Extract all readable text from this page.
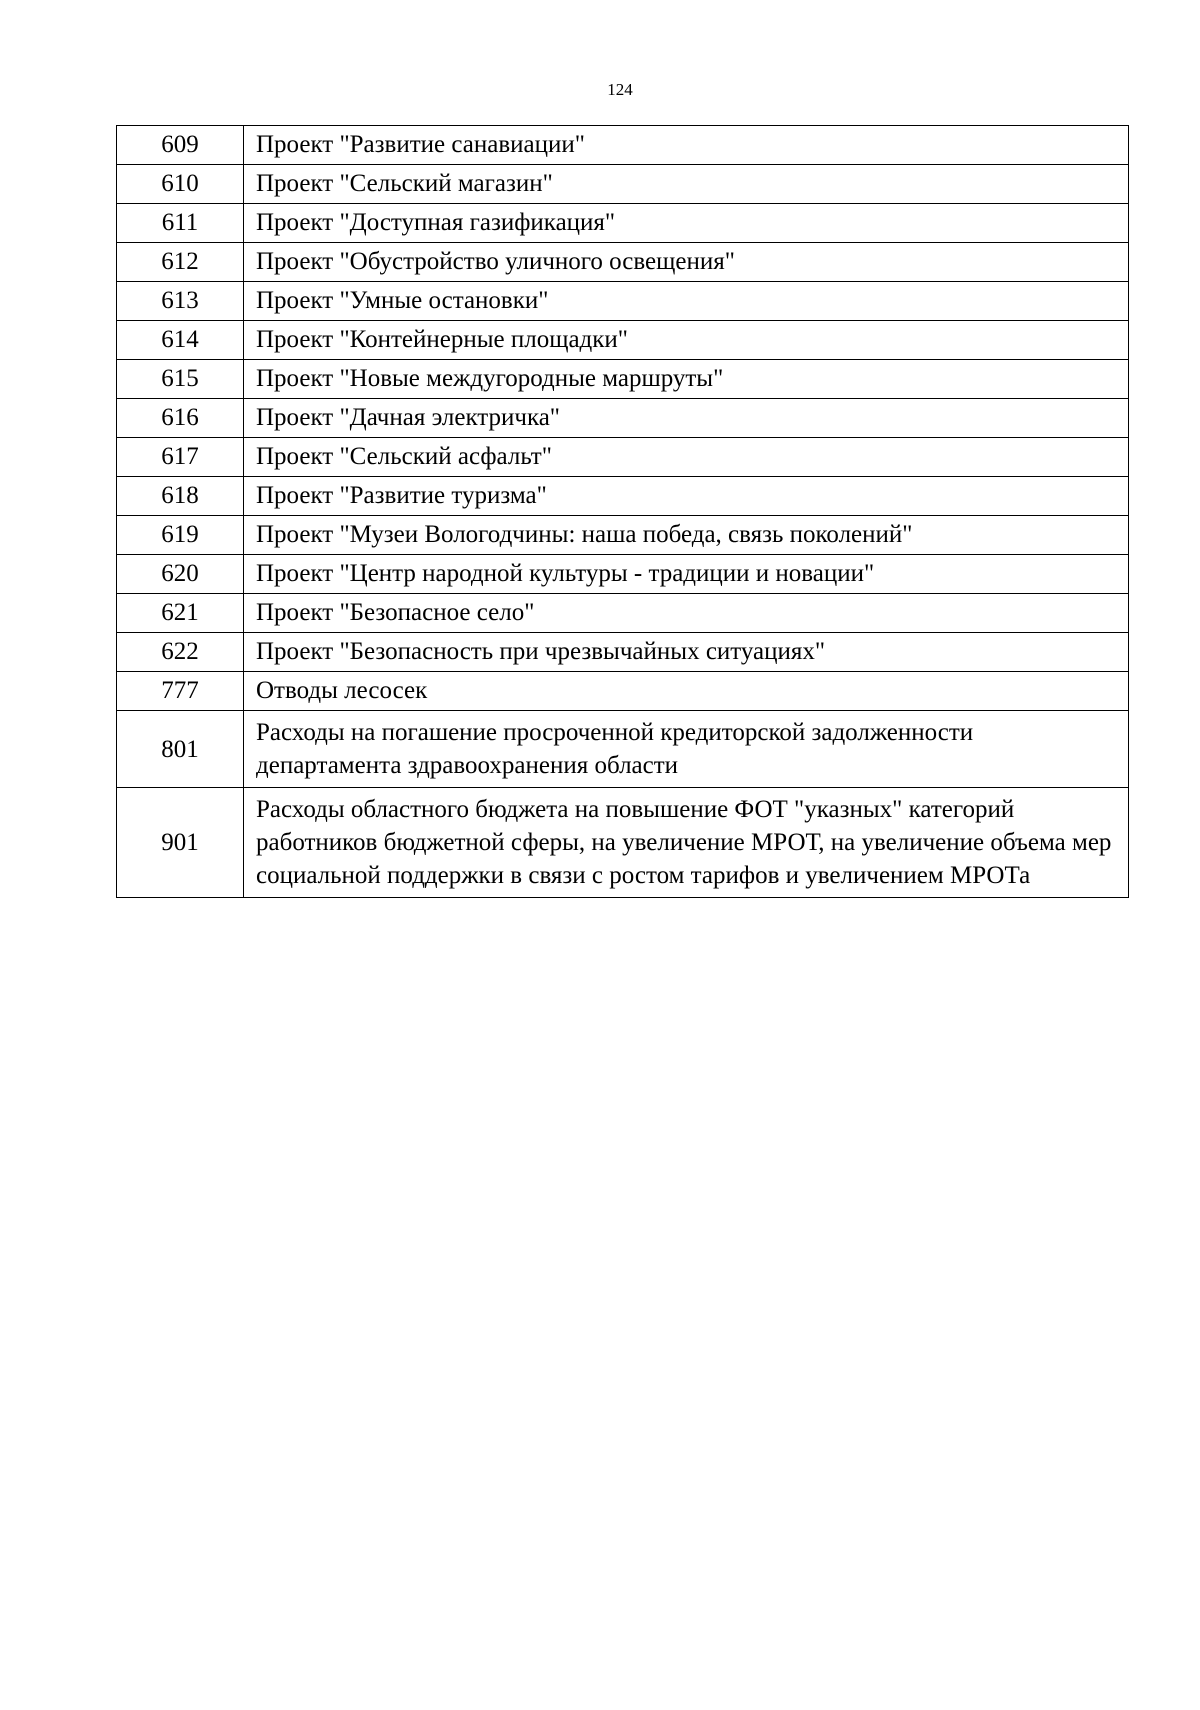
124
609	Проект "Развитие санавиации"
610	Проект "Сельский магазин"
611	Проект "Доступная газификация"
612	Проект "Обустройство уличного освещения"
613	Проект "Умные остановки"
614	Проект "Контейнерные площадки"
615	Проект "Новые междугородные маршруты"
616	Проект "Дачная электричка"
617	Проект "Сельский асфальт"
618	Проект "Развитие туризма"
619	Проект "Музеи Вологодчины: наша победа, связь поколений"
620	Проект "Центр народной культуры - традиции и новации"
621	Проект "Безопасное село"
622	Проект "Безопасность при чрезвычайных ситуациях"
777	Отводы лесосек
801	Расходы на погашение просроченной кредиторской задолженности департамента здравоохранения области
901	Расходы областного бюджета на повышение ФОТ "указных" категорий работников бюджетной сферы, на увеличение МРОТ, на увеличение объема мер социальной поддержки в связи с ростом тарифов и увеличением МРОТа
